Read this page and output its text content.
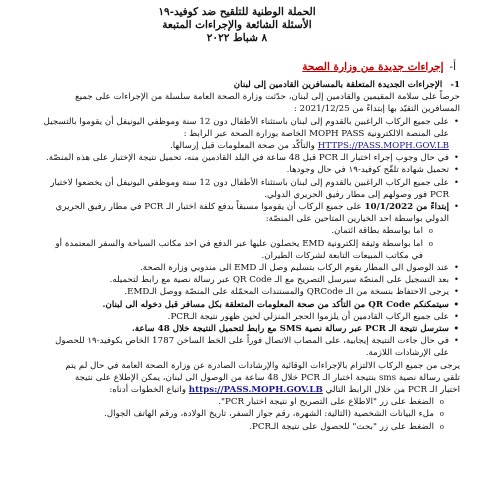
الحملة الوطنية للتلقيح ضد كوفيد-١٩
الأسئلة الشائعة والإجراءات المتبعة
٨ شباط ٢٠٢٢
أ-إجراءات جديدة من وزارة الصحة
1-الإجراءات الجديدة المتعلقة بالمسافرين القادمين إلى لبنان

حرصاً على سلامة المقيمين والقادمين إلى لبنان، حدّثت وزارة الصحة العامة سلسلة من الإجراءات على جميع

المسافرين التقيّد بها إبتداءً من 2021/12/25 :

• على جميع الركاب الراغبين بالقدوم إلى لبنان باستثناء الأطفال دون 12 سنة وموظفي اليونيفل أن يقوموا بالتسجيل
على المنصة الالكترونية MOPH PASS الخاصة بوزارة الصحة عبر الرابط :
HTTPS://PASS.MOPH.GOV.LB والتأكّد من صحة المعلومات قبل إرسالها.
• في حال وجوب إجراء اختبار الـ PCR قبل 48 ساعة في البلد القادمين منه، تحميل نتيجة الإختبار على هذه المنصّة.
• تحميل شهادة تلقّح كوفيد-١٩ في حال وجودها.
• على جميع الركاب الراغبين بالقدوم إلى لبنان باستثناء الأطفال دون 12 سنة وموظفي اليونيفل أن يخضعوا لاختبار
PCR فور وصولهم إلى مطار رفيق الحريري الدولي.
• إبتداءً من 10/1/2022 على جميع الركاب أن يقوموا مسبقاً بدفع كلفة اختبار الـ PCR في مطار رفيق الحريري
الدولي بواسطة احد الخيارين المتاحين على المنصّة:
o اما بواسطة بطاقة ائتمان.
o اما بواسطة وثيقة إلكترونية EMD يحصلون عليها عبر الدفع في احد مكاتب السياحة والسفر المعتمدة أو
في مكاتب المبيعات التابعة لشركات الطيران.
• عند الوصول الى المطار يقوم الركاب بتسليم وصل الـ EMD الى مندوبي وزارة الصحة.
• بعد التسجيل على المنصّة سيرسل التصريح مع الـ QR Code عبر رسالة نصية مع رابط لتحميله.
• يرجى الاحتفاظ بنسخة من الـ QRCode والمستندات المحمّلة على المنصّة ووصل الـEMD.
• سيتمكنكم QR Code من التأكد من صحة المعلومات المتعلقة بكل مسافر قبل دخوله الى لبنان.
• على جميع الركاب القادمين أن يلزموا الحجر المنزلي لحين ظهور نتيجة الـPCR.
• سترسل نتيجة الـ PCR عبر رسالة نصية SMS مع رابط لتحميل النتيجة خلال 48 ساعة.
• في حال جاءت النتيجة إيجابية، على المصاب الاتصال فوراً على الخط الساخن 1787 الخاص بكوفيد-١٩ للحصول
على الإرشادات اللازمة.

يرجى من جميع الركاب الالتزام بالإجراءات الوقائية والإرشادات الصادرة عن وزارة الصحة العامة في حال لم يتم

تلقي رسالة نصية sms بنتيجة اختبار الـ PCR خلال 48 ساعة من الوصول الى لبنان، يمكن الإطلاع على نتيجة

اختبار الـ PCR من خلال الرابط التالي https://PASS.MOPH.GOV.LB واتباع الخطوات أدناه:

o الضغط على زر "الاطلاع على التصريح او نتيجة اختبار PCR".
o ملء البيانات الشخصية (التالية: الشهرة، رقم جواز السفر، تاريخ الولادة، ورقم الهاتف الجوال.
o الضغط على زر "بحث" للحصول على نتيجة الـPCR.
